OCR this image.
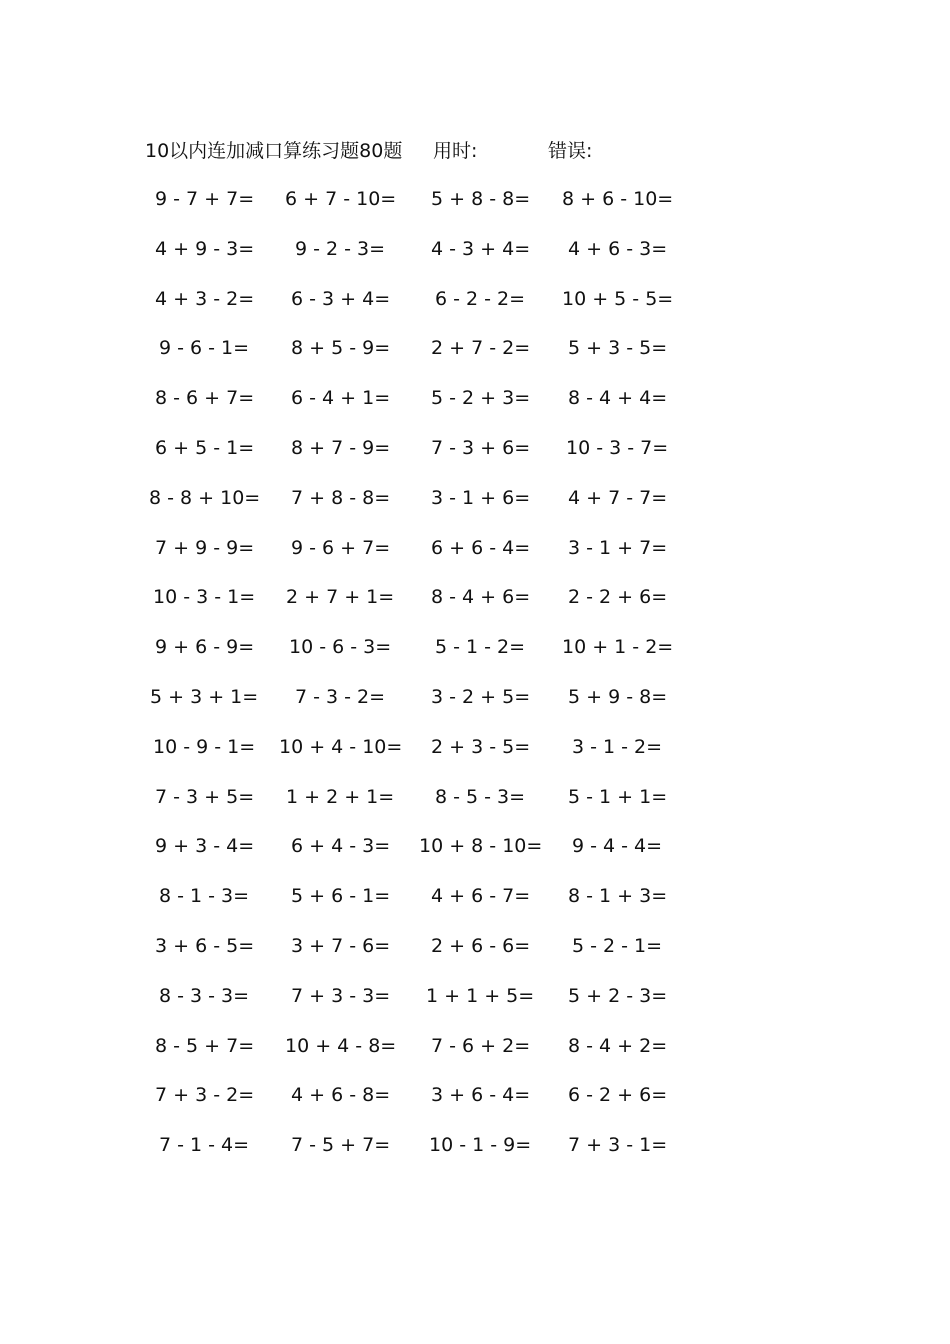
10以内连加减口算练习题80题 用时:	错误:
9 - 7 + 7= 6 + 7 - 10= 5 + 8 - 8= 8 + 6 - 10=
4 + 9 - 3= 9 - 2 - 3= 4 - 3 + 4= 4 + 6 - 3=
4 + 3 - 2= 6 - 3 + 4= 6 - 2 - 2= 10 + 5 - 5=
9 - 6 - 1= 8 + 5 - 9= 2 + 7 - 2= 5 + 3 - 5=
8 - 6 + 7= 6 - 4 + 1= 5 - 2 + 3= 8 - 4 + 4=
6 + 5 - 1= 8 + 7 - 9= 7 - 3 + 6= 10 - 3 - 7=
8 - 8 + 10= 7 + 8 - 8= 3 - 1 + 6= 4 + 7 - 7=
7 + 9 - 9= 9 - 6 + 7= 6 + 6 - 4= 3 - 1 + 7=
10 - 3 - 1= 2 + 7 + 1= 8 - 4 + 6= 2 - 2 + 6=
9 + 6 - 9= 10 - 6 - 3= 5 - 1 - 2= 10 + 1 - 2=
5 + 3 + 1= 7 - 3 - 2= 3 - 2 + 5= 5 + 9 - 8=
10 - 9 - 1= 10 + 4 - 10= 2 + 3 - 5= 3 - 1 - 2=
7 - 3 + 5= 1 + 2 + 1= 8 - 5 - 3= 5 - 1 + 1=
9 + 3 - 4= 6 + 4 - 3= 10 + 8 - 10= 9 - 4 - 4=
8 - 1 - 3= 5 + 6 - 1= 4 + 6 - 7= 8 - 1 + 3=
3 + 6 - 5= 3 + 7 - 6= 2 + 6 - 6= 5 - 2 - 1=
8 - 3 - 3= 7 + 3 - 3= 1 + 1 + 5= 5 + 2 - 3=
8 - 5 + 7= 10 + 4 - 8= 7 - 6 + 2= 8 - 4 + 2=
7 + 3 - 2= 4 + 6 - 8= 3 + 6 - 4= 6 - 2 + 6=
7 - 1 - 4= 7 - 5 + 7= 10 - 1 - 9= 7 + 3 - 1=
